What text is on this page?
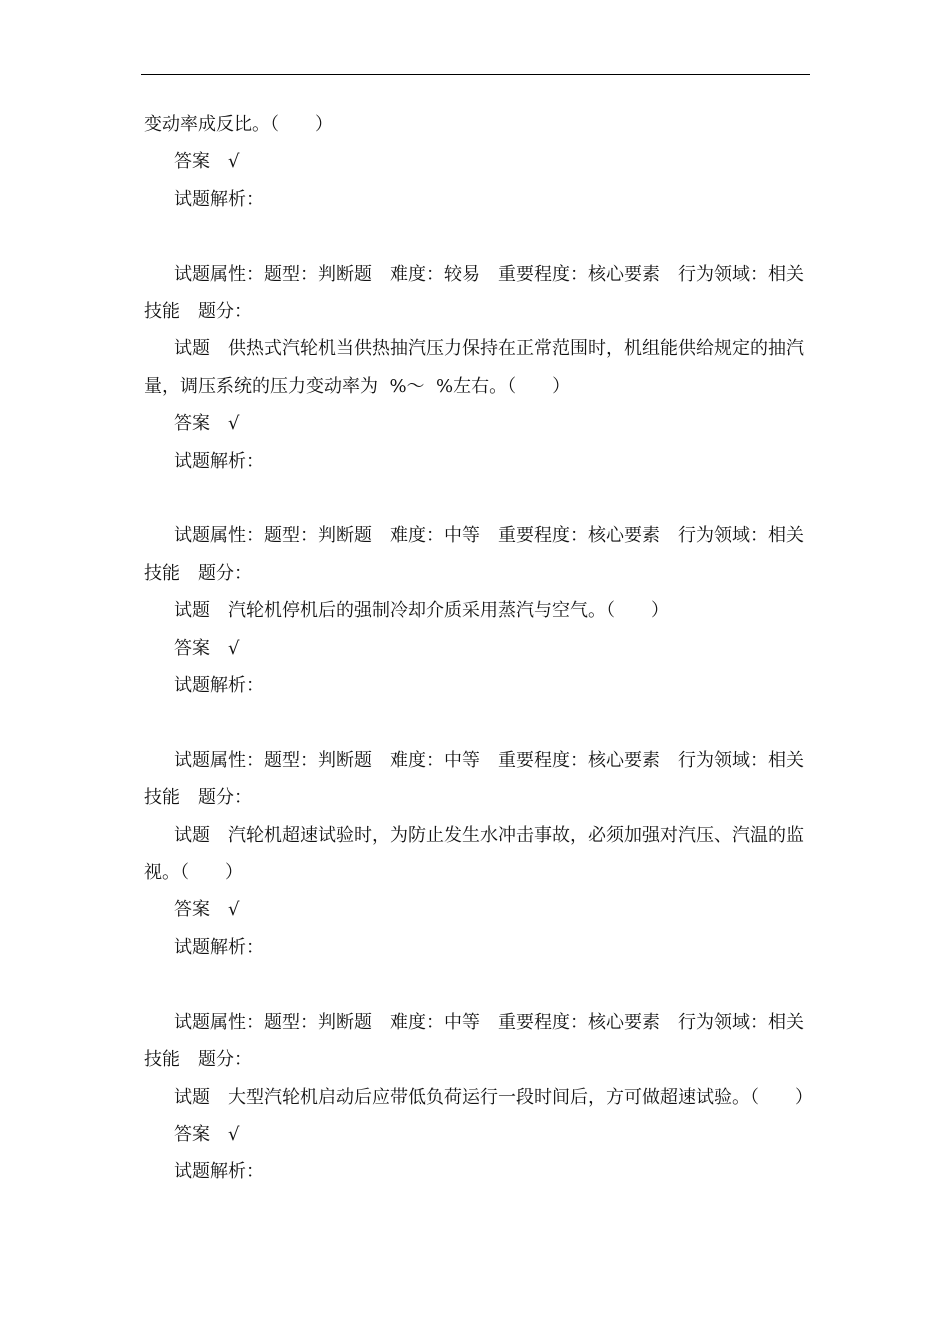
变动率成反比。（　　）

答案　√

试题解析：

试题属性：题型：判断题　难度：较易　重要程度：核心要素　行为领域：相关技能　题分：

试题　供热式汽轮机当供热抽汽压力保持在正常范围时，机组能供给规定的抽汽量，调压系统的压力变动率为  %～  %左右。（　　）

答案　√

试题解析：

试题属性：题型：判断题　难度：中等　重要程度：核心要素　行为领域：相关技能　题分：

试题　汽轮机停机后的强制冷却介质采用蒸汽与空气。（　　）

答案　√

试题解析：

试题属性：题型：判断题　难度：中等　重要程度：核心要素　行为领域：相关技能　题分：

试题　汽轮机超速试验时，为防止发生水冲击事故，必须加强对汽压、汽温的监视。（　　）

答案　√

试题解析：

试题属性：题型：判断题　难度：中等　重要程度：核心要素　行为领域：相关技能　题分：

试题　大型汽轮机启动后应带低负荷运行一段时间后，方可做超速试验。（　　）

答案　√

试题解析：
